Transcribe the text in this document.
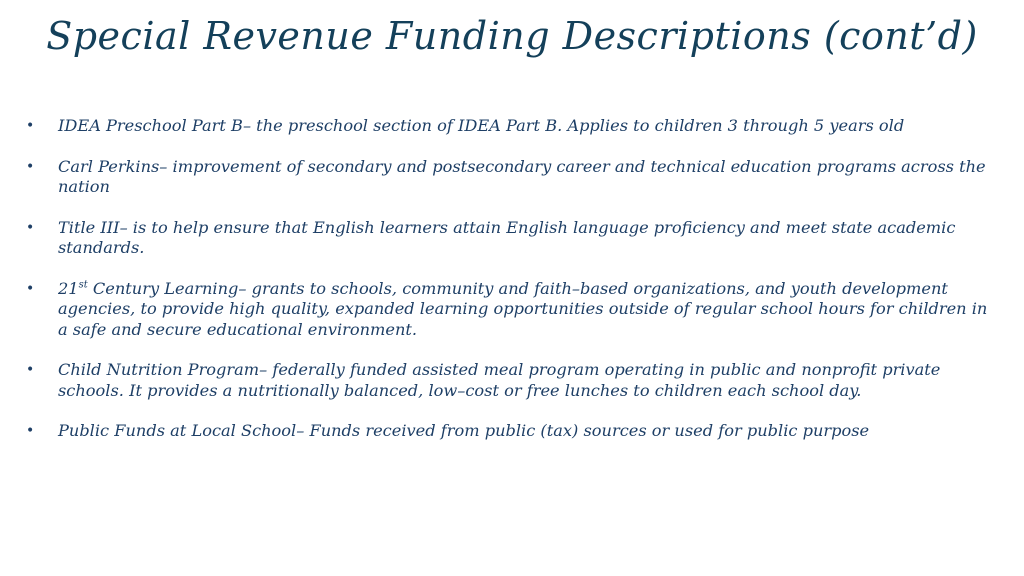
Special Revenue Funding Descriptions (cont’d)
• IDEA Preschool Part B– the preschool section of IDEA Part B. Applies to children 3 through 5 years old
• Carl Perkins– improvement of secondary and postsecondary career and technical education programs across the nation
• Title III– is to help ensure that English learners attain English language proficiency and meet state academic standards.
• 21st Century Learning– grants to schools, community and faith–based organizations, and youth development agencies, to provide high quality, expanded learning opportunities outside of regular school hours for children in a safe and secure educational environment.
• Child Nutrition Program– federally funded assisted meal program operating in public and nonprofit private schools. It provides a nutritionally balanced, low–cost or free lunches to children each school day.
• Public Funds at Local School– Funds received from public (tax) sources or used for public purpose
